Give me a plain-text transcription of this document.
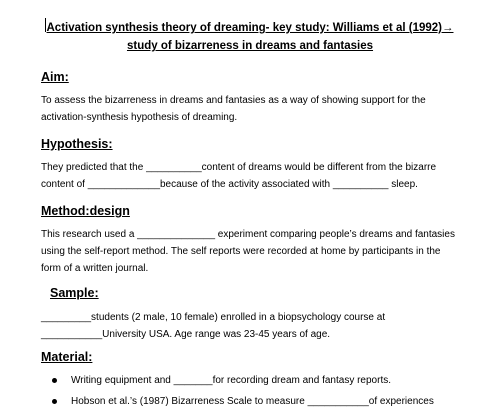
Activation synthesis theory of dreaming- key study: Williams et al (1992)→
study of bizarreness in dreams and fantasies
Aim:
To assess the bizarreness in dreams and fantasies as a way of showing support for the
activation-synthesis hypothesis of dreaming.
Hypothesis:
They predicted that the __________content of dreams would be different from the bizarre
content of _____________because of the activity associated with __________ sleep.
Method:design
This research used a ______________ experiment comparing people’s dreams and fantasies
using the self-report method. The self reports were recorded at home by participants in the
form of a written journal.
Sample:
_________students (2 male, 10 female) enrolled in a biopsychology course at
___________University USA. Age range was 23-45 years of age.
Material:
Writing equipment and _______for recording dream and fantasy reports.
Hobson et al.’s (1987) Bizarreness Scale to measure ___________of experiences
